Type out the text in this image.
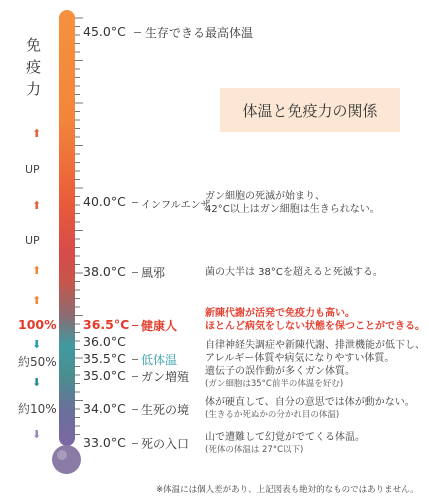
免
疫
力
⬆
UP
⬆
UP
⬆
⬆
100%
⬇
約50%
⬇
約10%
⬇
体温と免疫力の関係
45.0°C 生存できる最高体温
40.0°C インフルエンザ
ガン細胞の死滅が始まり、
42°C以上はガン細胞は生きられない。
38.0°C 風邪	菌の大半は 38°Cを超えると死滅する。
36.5°C 健康人
新陳代謝が活発で免疫力も高い。
ほとんど病気をしない状態を保つことができる。
36.0°C
35.5°C 低体温
自律神経失調症や新陳代謝、排泄機能が低下し、
アレルギー体質や病気になりやすい体質。
35.0°C ガン増殖 遺伝子の誤作動が多くガン体質。
(ガン細胞は35°C前半の体温を好む)
34.0°C 生死の境
体が硬直して、自分の意思では体が動かない。
(生きるか死ぬかの分かれ目の体温)
33.0°C 死の入口 山で遭難して幻覚がでてくる体温。
(死体の体温は 27°C以下)
※体温には個人差があり、上記図表も絶対的なものではありません。
